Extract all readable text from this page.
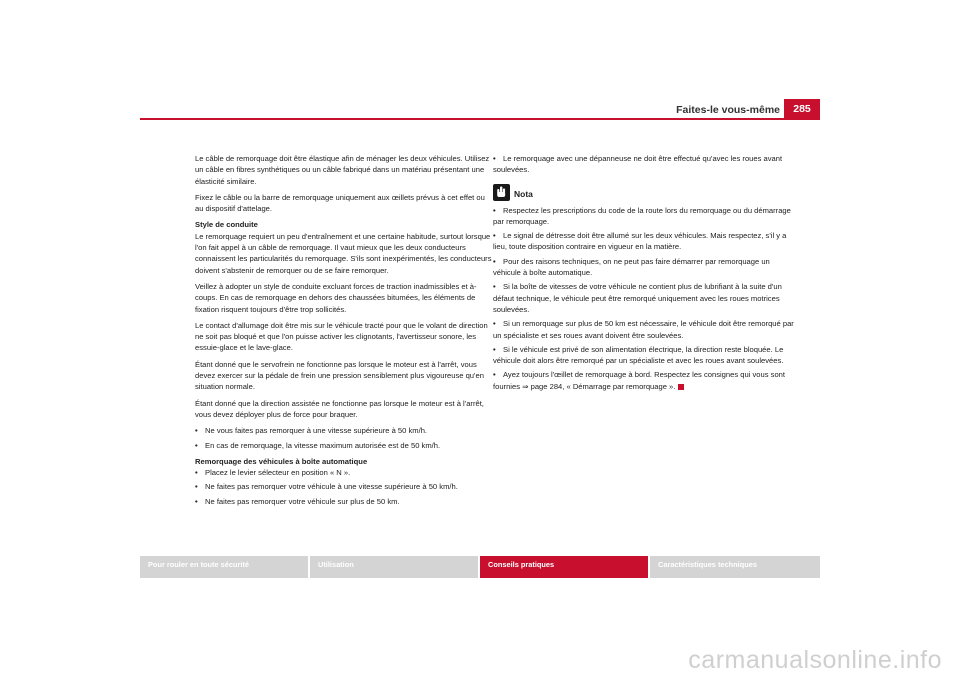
Faites-le vous-même	285

Le câble de remorquage doit être élastique afin de ménager les deux véhicules. Utilisez un câble en fibres synthétiques ou un câble fabriqué dans un matériau présentant une élasticité similaire.

Fixez le câble ou la barre de remorquage uniquement aux œillets prévus à cet effet ou au dispositif d'attelage.

Style de conduite

Le remorquage requiert un peu d'entraînement et une certaine habitude, surtout lorsque l'on fait appel à un câble de remorquage. Il vaut mieux que les deux conducteurs connaissent les particularités du remorquage. S'ils sont inexpérimentés, les conducteurs doivent s'abstenir de remorquer ou de se faire remorquer.

Veillez à adopter un style de conduite excluant forces de traction inadmissibles et à-coups. En cas de remorquage en dehors des chaussées bitumées, les éléments de fixation risquent toujours d'être trop sollicités.

Le contact d'allumage doit être mis sur le véhicule tracté pour que le volant de direction ne soit pas bloqué et que l'on puisse activer les clignotants, l'avertisseur sonore, les essuie-glace et le lave-glace.

Étant donné que le servofrein ne fonctionne pas lorsque le moteur est à l'arrêt, vous devez exercer sur la pédale de frein une pression sensiblement plus vigoureuse qu'en situation normale.

Étant donné que la direction assistée ne fonctionne pas lorsque le moteur est à l'arrêt, vous devez déployer plus de force pour braquer.

• Ne vous faites pas remorquer à une vitesse supérieure à 50 km/h.
• En cas de remorquage, la vitesse maximum autorisée est de 50 km/h.
Remorquage des véhicules à boîte automatique
• Placez le levier sélecteur en position « N ».
• Ne faites pas remorquer votre véhicule à une vitesse supérieure à 50 km/h.
• Ne faites pas remorquer votre véhicule sur plus de 50 km.
• Le remorquage avec une dépanneuse ne doit être effectué qu'avec les roues avant soulevées.
Nota
• Respectez les prescriptions du code de la route lors du remorquage ou du démarrage par remorquage.
• Le signal de détresse doit être allumé sur les deux véhicules. Mais respectez, s'il y a lieu, toute disposition contraire en vigueur en la matière.
• Pour des raisons techniques, on ne peut pas faire démarrer par remorquage un véhicule à boîte automatique.
• Si la boîte de vitesses de votre véhicule ne contient plus de lubrifiant à la suite d'un défaut technique, le véhicule peut être remorqué uniquement avec les roues motrices soulevées.
• Si un remorquage sur plus de 50 km est nécessaire, le véhicule doit être remorqué par un spécialiste et ses roues avant doivent être soulevées.
• Si le véhicule est privé de son alimentation électrique, la direction reste bloquée. Le véhicule doit alors être remorqué par un spécialiste et avec les roues avant soulevées.
• Ayez toujours l'œillet de remorquage à bord. Respectez les consignes qui vous sont fournies ⇒ page 284, « Démarrage par remorquage ».
Pour rouler en toute sécurité	Utilisation	Conseils pratiques	Caractéristiques techniques
carmanualsonline.info
